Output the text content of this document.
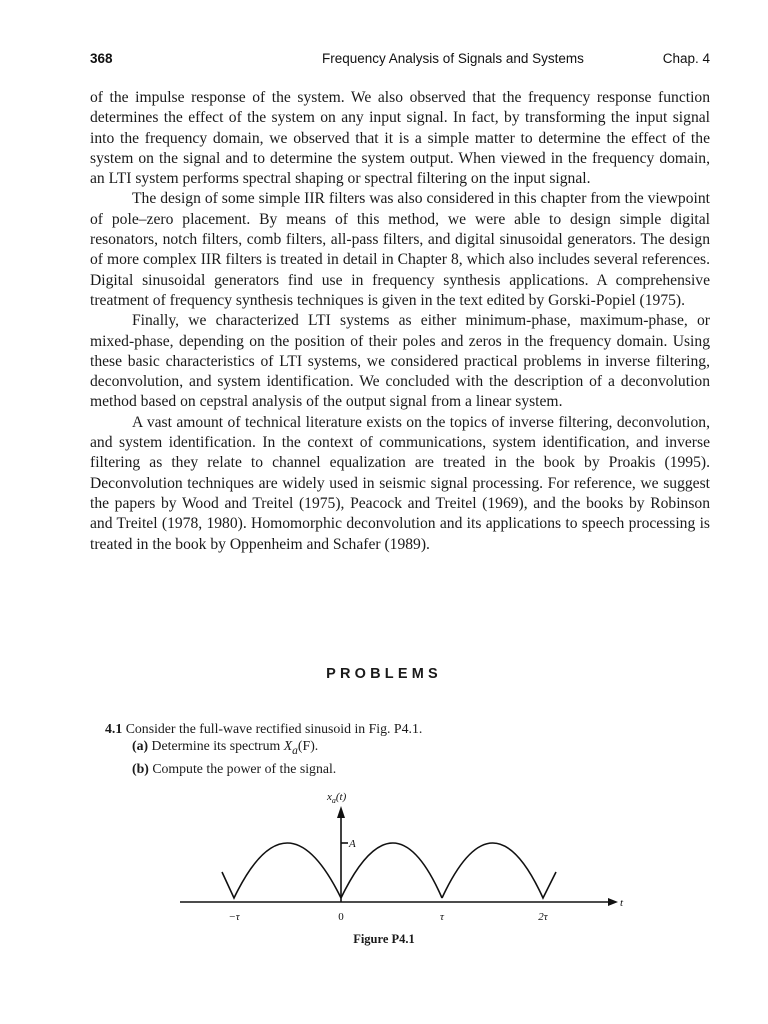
368	Frequency Analysis of Signals and Systems	Chap. 4

of the impulse response of the system. We also observed that the frequency response function determines the effect of the system on any input signal. In fact, by transforming the input signal into the frequency domain, we observed that it is a simple matter to determine the effect of the system on the signal and to determine the system output. When viewed in the frequency domain, an LTI system performs spectral shaping or spectral filtering on the input signal.

The design of some simple IIR filters was also considered in this chapter from the viewpoint of pole–zero placement. By means of this method, we were able to design simple digital resonators, notch filters, comb filters, all-pass filters, and digital sinusoidal generators. The design of more complex IIR filters is treated in detail in Chapter 8, which also includes several references. Digital sinusoidal generators find use in frequency synthesis applications. A comprehensive treatment of frequency synthesis techniques is given in the text edited by Gorski-Popiel (1975).

Finally, we characterized LTI systems as either minimum-phase, maximum-phase, or mixed-phase, depending on the position of their poles and zeros in the frequency domain. Using these basic characteristics of LTI systems, we considered practical problems in inverse filtering, deconvolution, and system identification. We concluded with the description of a deconvolution method based on cepstral analysis of the output signal from a linear system.

A vast amount of technical literature exists on the topics of inverse filtering, deconvolution, and system identification. In the context of communications, system identification, and inverse filtering as they relate to channel equalization are treated in the book by Proakis (1995). Deconvolution techniques are widely used in seismic signal processing. For reference, we suggest the papers by Wood and Treitel (1975), Peacock and Treitel (1969), and the books by Robinson and Treitel (1978, 1980). Homomorphic deconvolution and its applications to speech processing is treated in the book by Oppenheim and Schafer (1989).

PROBLEMS
4.1 Consider the full-wave rectified sinusoid in Fig. P4.1.
(a) Determine its spectrum $X_a(F)$.
(b) Compute the power of the signal.
$x_a(t)$
A
t
−τ	0	τ	2τ
Figure P4.1
